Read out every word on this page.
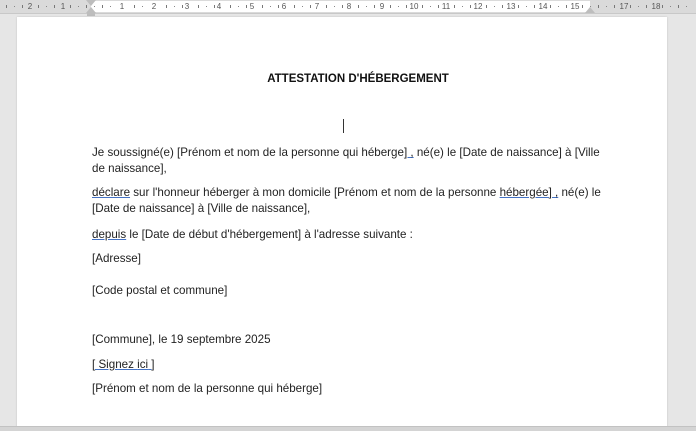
2	1	1	2	3	4	5	6	7	8	9	10	11	12	13	14	15	17	18
ATTESTATION D'HÉBERGEMENT

Je soussigné(e) [Prénom et nom de la personne qui héberge] , né(e) le [Date de naissance] à [Ville de naissance],

déclare sur l'honneur héberger à mon domicile [Prénom et nom de la personne hébergée] , né(e) le [Date de naissance] à [Ville de naissance],

depuis le [Date de début d'hébergement] à l'adresse suivante :

[Adresse]

[Code postal et commune]

[Commune], le 19 septembre 2025

[ Signez ici ]

[Prénom et nom de la personne qui héberge]
